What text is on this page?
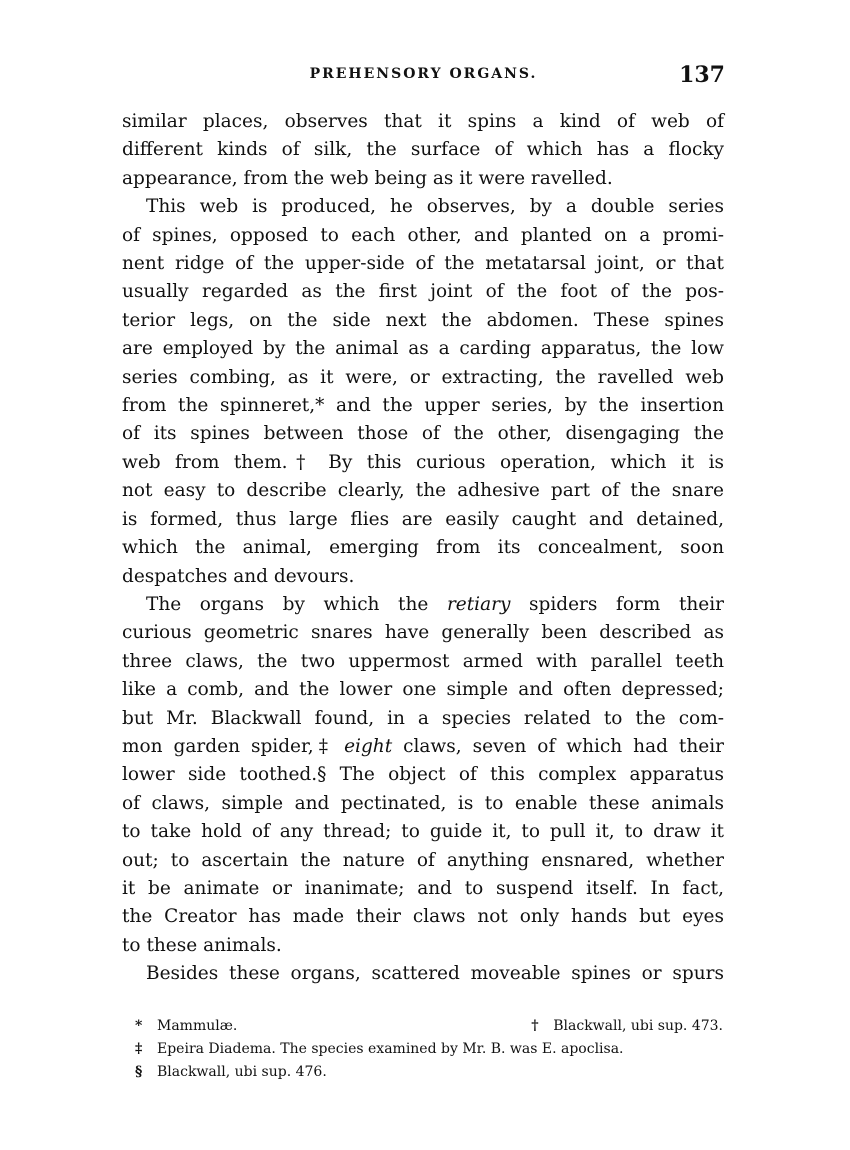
PREHENSORY ORGANS.	137
similar places, observes that it spins a kind of web of
different kinds of silk, the surface of which has a flocky
appearance, from the web being as it were ravelled.
This web is produced, he observes, by a double series
of spines, opposed to each other, and planted on a promi-
nent ridge of the upper-side of the metatarsal joint, or that
usually regarded as the first joint of the foot of the pos-
terior legs, on the side next the abdomen. These spines
are employed by the animal as a carding apparatus, the low
series combing, as it were, or extracting, the ravelled web
from the spinneret,* and the upper series, by the insertion
of its spines between those of the other, disengaging the
web from them.† By this curious operation, which it is
not easy to describe clearly, the adhesive part of the snare
is formed, thus large flies are easily caught and detained,
which the animal, emerging from its concealment, soon
despatches and devours.
The organs by which the retiary spiders form their
curious geometric snares have generally been described as
three claws, the two uppermost armed with parallel teeth
like a comb, and the lower one simple and often depressed;
but Mr. Blackwall found, in a species related to the com-
mon garden spider,‡ eight claws, seven of which had their
lower side toothed.§ The object of this complex apparatus
of claws, simple and pectinated, is to enable these animals
to take hold of any thread; to guide it, to pull it, to draw it
out; to ascertain the nature of anything ensnared, whether
it be animate or inanimate; and to suspend itself. In fact,
the Creator has made their claws not only hands but eyes
to these animals.
Besides these organs, scattered moveable spines or spurs
* Mammulæ.	† Blackwall, ubi sup. 473.
‡ Epeira Diadema. The species examined by Mr. B. was E. apoclisa.
§ Blackwall, ubi sup. 476.
